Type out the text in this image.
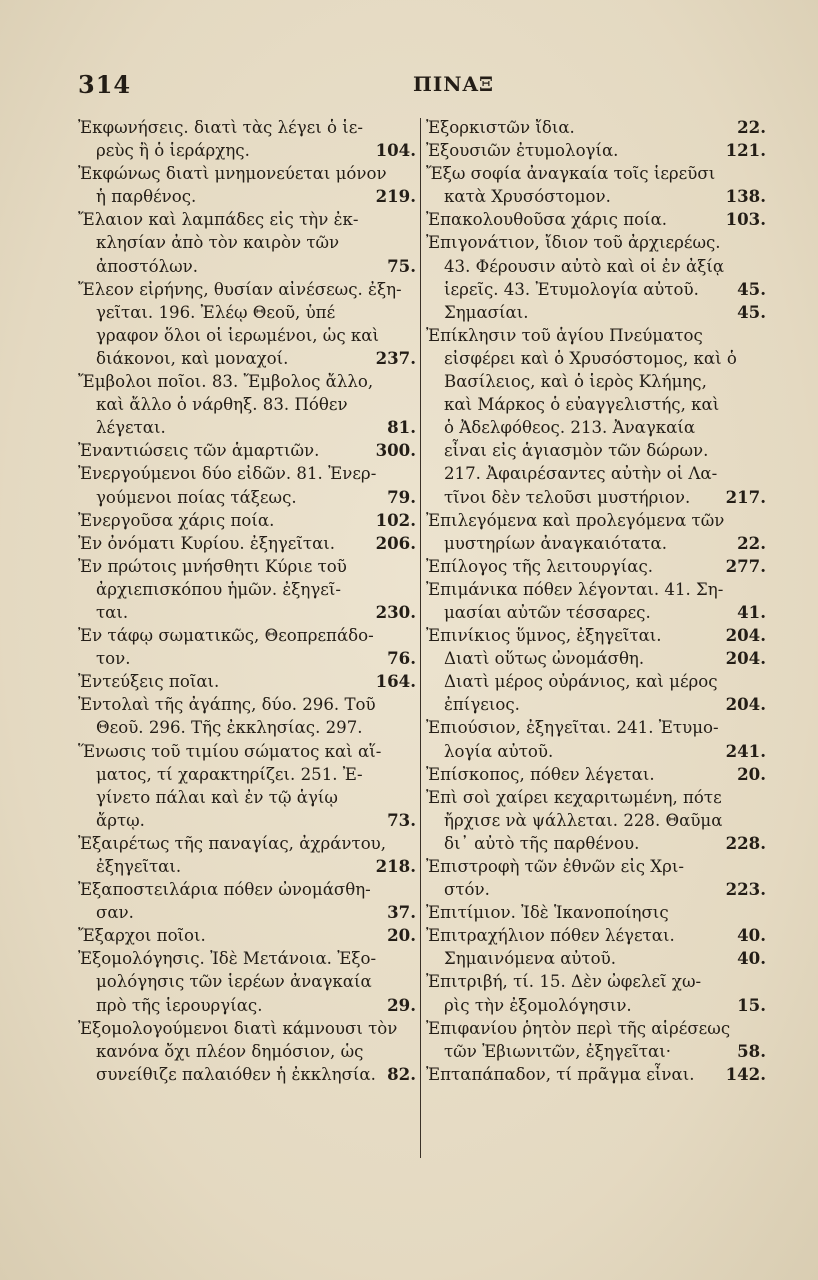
314	ΠΙΝΑΞ
Ἐκφωνήσεις. διατὶ τὰς λέγει ὁ ἱε-
ρεὺς ἢ ὁ ἱεράρχης.	104.
Ἐκφώνως διατὶ μνημονεύεται μόνον
ἡ παρθένος.	219.
Ἔλαιον καὶ λαμπάδες εἰς τὴν ἐκ-
κλησίαν ἀπὸ τὸν καιρὸν τῶν
ἀποστόλων.	75.
Ἔλεον εἰρήνης, θυσίαν αἰνέσεως. ἐξη-
γεῖται. 196. Ἐλέῳ Θεοῦ, ὑπέ
γραφον ὅλοι οἱ ἱερωμένοι, ὡς καὶ
διάκονοι, καὶ μοναχοί.	237.
Ἔμβολοι ποῖοι. 83. Ἔμβολος ἄλλο,
καὶ ἄλλο ὁ νάρθηξ. 83. Πόθεν
λέγεται.	81.
Ἐναντιώσεις τῶν ἁμαρτιῶν.	300.
Ἐνεργούμενοι δύο εἰδῶν. 81. Ἐνερ-
γούμενοι ποίας τάξεως.	79.
Ἐνεργοῦσα χάρις ποία.	102.
Ἐν ὀνόματι Κυρίου. ἐξηγεῖται.	206.
Ἐν πρώτοις μνήσθητι Κύριε τοῦ
ἀρχιεπισκόπου ἡμῶν. ἐξηγεῖ-
ται.	230.
Ἐν τάφῳ σωματικῶς, Θεοπρεπάδο-
τον.	76.
Ἐντεύξεις ποῖαι.	164.
Ἐντολαὶ τῆς ἀγάπης, δύο. 296. Τοῦ
Θεοῦ. 296. Τῆς ἐκκλησίας. 297.
Ἕνωσις τοῦ τιμίου σώματος καὶ αἵ-
ματος, τί χαρακτηρίζει. 251. Ἐ-
γίνετο πάλαι καὶ ἐν τῷ ἁγίῳ
ἄρτῳ.	73.
Ἐξαιρέτως τῆς παναγίας, ἀχράντου,
ἐξηγεῖται.	218.
Ἐξαποστειλάρια πόθεν ὠνομάσθη-
σαν.	37.
Ἔξαρχοι ποῖοι.	20.
Ἐξομολόγησις. Ἰδὲ Μετάνοια. Ἐξο-
μολόγησις τῶν ἱερέων ἀναγκαία
πρὸ τῆς ἱερουργίας.	29.
Ἐξομολογούμενοι διατὶ κάμνουσι τὸν
κανόνα ὄχι πλέον δημόσιον, ὡς
συνείθιζε παλαιόθεν ἡ ἐκκλησία. 82.
Ἐξορκιστῶν ἴδια.	22.
Ἐξουσιῶν ἐτυμολογία.	121.
Ἔξω σοφία ἀναγκαία τοῖς ἱερεῦσι
κατὰ Χρυσόστομον.	138.
Ἐπακολουθοῦσα χάρις ποία.	103.
Ἐπιγονάτιον, ἴδιον τοῦ ἀρχιερέως.
43. Φέρουσιν αὐτὸ καὶ οἱ ἐν ἀξίᾳ
ἱερεῖς. 43. Ἐτυμολογία αὐτοῦ.	45.
Σημασίαι.	45.
Ἐπίκλησιν τοῦ ἁγίου Πνεύματος
εἰσφέρει καὶ ὁ Χρυσόστομος, καὶ ὁ
Βασίλειος, καὶ ὁ ἱερὸς Κλήμης,
καὶ Μάρκος ὁ εὐαγγελιστής, καὶ
ὁ Ἀδελφόθεος. 213. Ἀναγκαία
εἶναι εἰς ἁγιασμὸν τῶν δώρων.
217. Ἀφαιρέσαντες αὐτὴν οἱ Λα-
τῖνοι δὲν τελοῦσι μυστήριον.	217.
Ἐπιλεγόμενα καὶ προλεγόμενα τῶν
μυστηρίων ἀναγκαιότατα.	22.
Ἐπίλογος τῆς λειτουργίας.	277.
Ἐπιμάνικα πόθεν λέγονται. 41. Ση-
μασίαι αὐτῶν τέσσαρες.	41.
Ἐπινίκιος ὕμνος, ἐξηγεῖται.	204.
Διατὶ οὕτως ὠνομάσθη.	204.
Διατὶ μέρος οὐράνιος, καὶ μέρος
ἐπίγειος.	204.
Ἐπιούσιον, ἐξηγεῖται. 241. Ἐτυμο-
λογία αὐτοῦ.	241.
Ἐπίσκοπος, πόθεν λέγεται.	20.
Ἐπὶ σοὶ χαίρει κεχαριτωμένη, πότε
ἤρχισε νὰ ψάλλεται. 228. Θαῦμα
δι᾽ αὐτὸ τῆς παρθένου.	228.
Ἐπιστροφὴ τῶν ἐθνῶν εἰς Χρι-
στόν.	223.
Ἐπιτίμιον. Ἰδὲ Ἱκανοποίησις
Ἐπιτραχήλιον πόθεν λέγεται.	40.
Σημαινόμενα αὐτοῦ.	40.
Ἐπιτριβή, τί. 15. Δὲν ὠφελεῖ χω-
ρὶς τὴν ἐξομολόγησιν.	15.
Ἐπιφανίου ῥητὸν περὶ τῆς αἱρέσεως
τῶν Ἐβιωνιτῶν, ἐξηγεῖται·	58.
Ἐπταπάπαδον, τί πρᾶγμα εἶναι.	142.
